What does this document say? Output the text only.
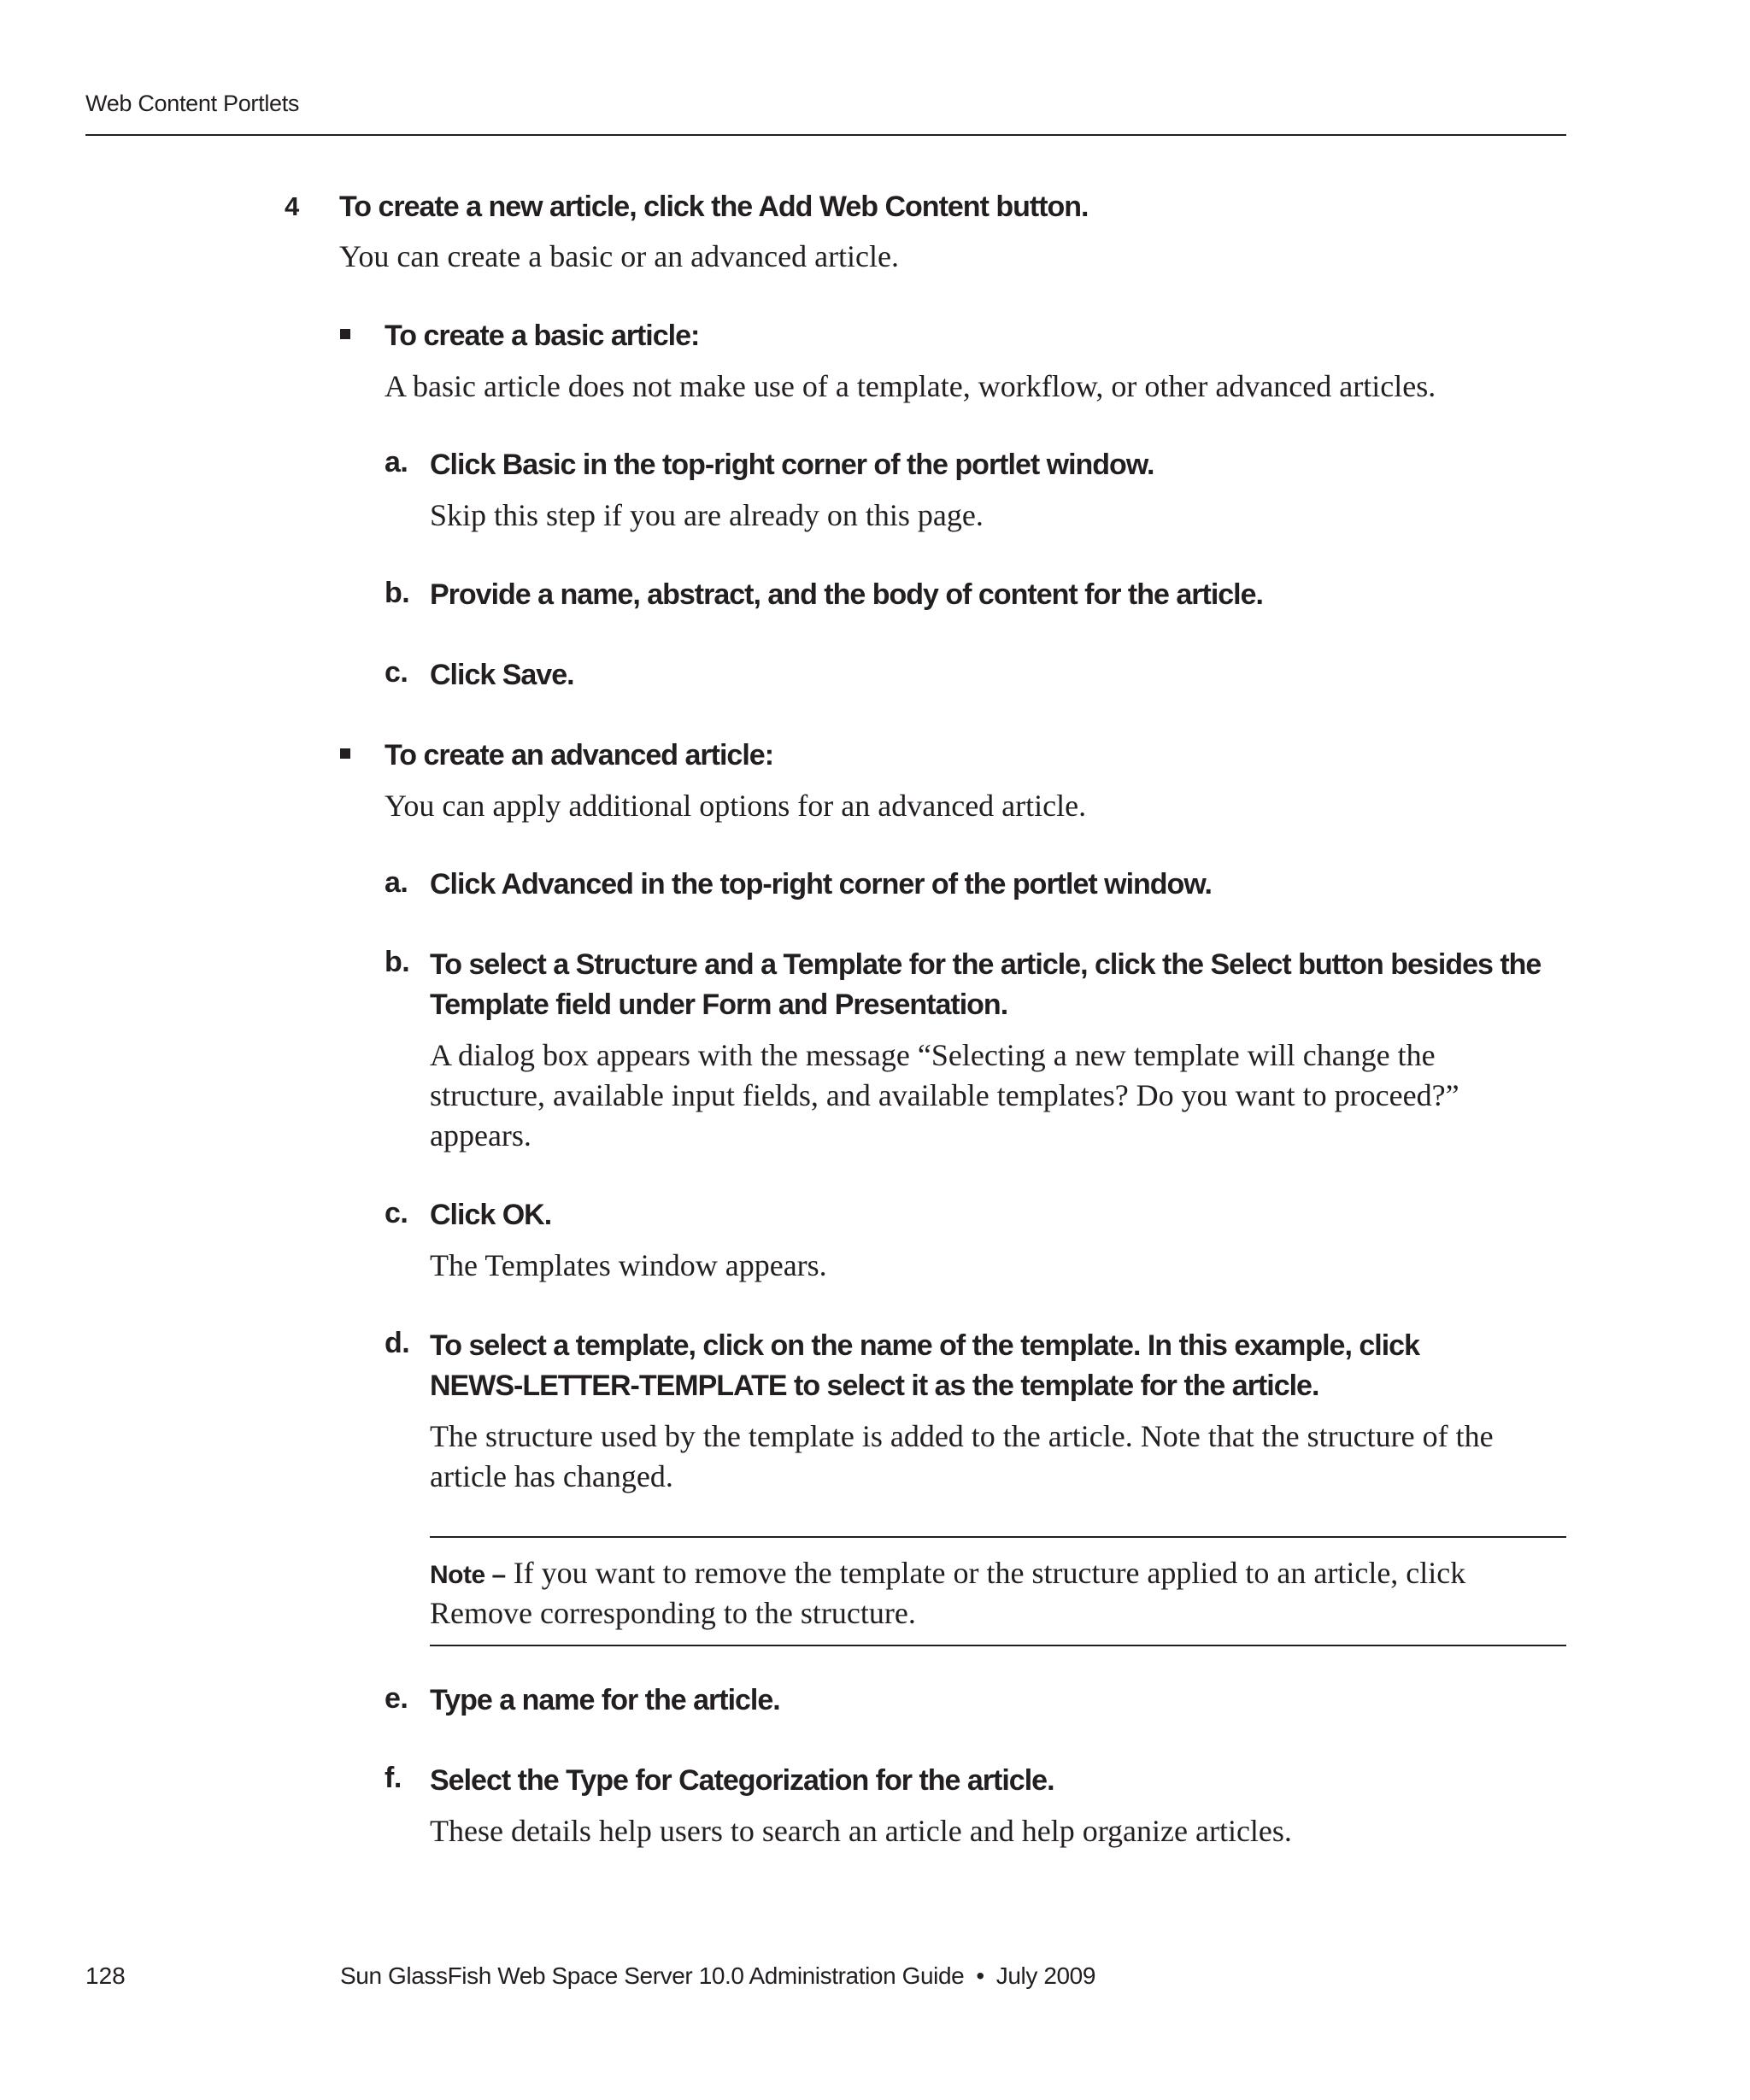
Web Content Portlets
4 To create a new article, click the Add Web Content button.
You can create a basic or an advanced article.
To create a basic article:
A basic article does not make use of a template, workflow, or other advanced articles.
a. Click Basic in the top-right corner of the portlet window.
Skip this step if you are already on this page.
b. Provide a name, abstract, and the body of content for the article.
c. Click Save.
To create an advanced article:
You can apply additional options for an advanced article.
a. Click Advanced in the top-right corner of the portlet window.
b. To select a Structure and a Template for the article, click the Select button besides the
Template field under Form and Presentation.
A dialog box appears with the message “Selecting a new template will change the
structure, available input fields, and available templates? Do you want to proceed?”
appears.
c. Click OK.
The Templates window appears.
d. To select a template, click on the name of the template. In this example, click
NEWS-LETTER-TEMPLATE to select it as the template for the article.
The structure used by the template is added to the article. Note that the structure of the
article has changed.
Note – If you want to remove the template or the structure applied to an article, click
Remove corresponding to the structure.
e. Type a name for the article.
f. Select the Type for Categorization for the article.
These details help users to search an article and help organize articles.
128	Sun GlassFish Web Space Server 10.0 Administration Guide • July 2009
